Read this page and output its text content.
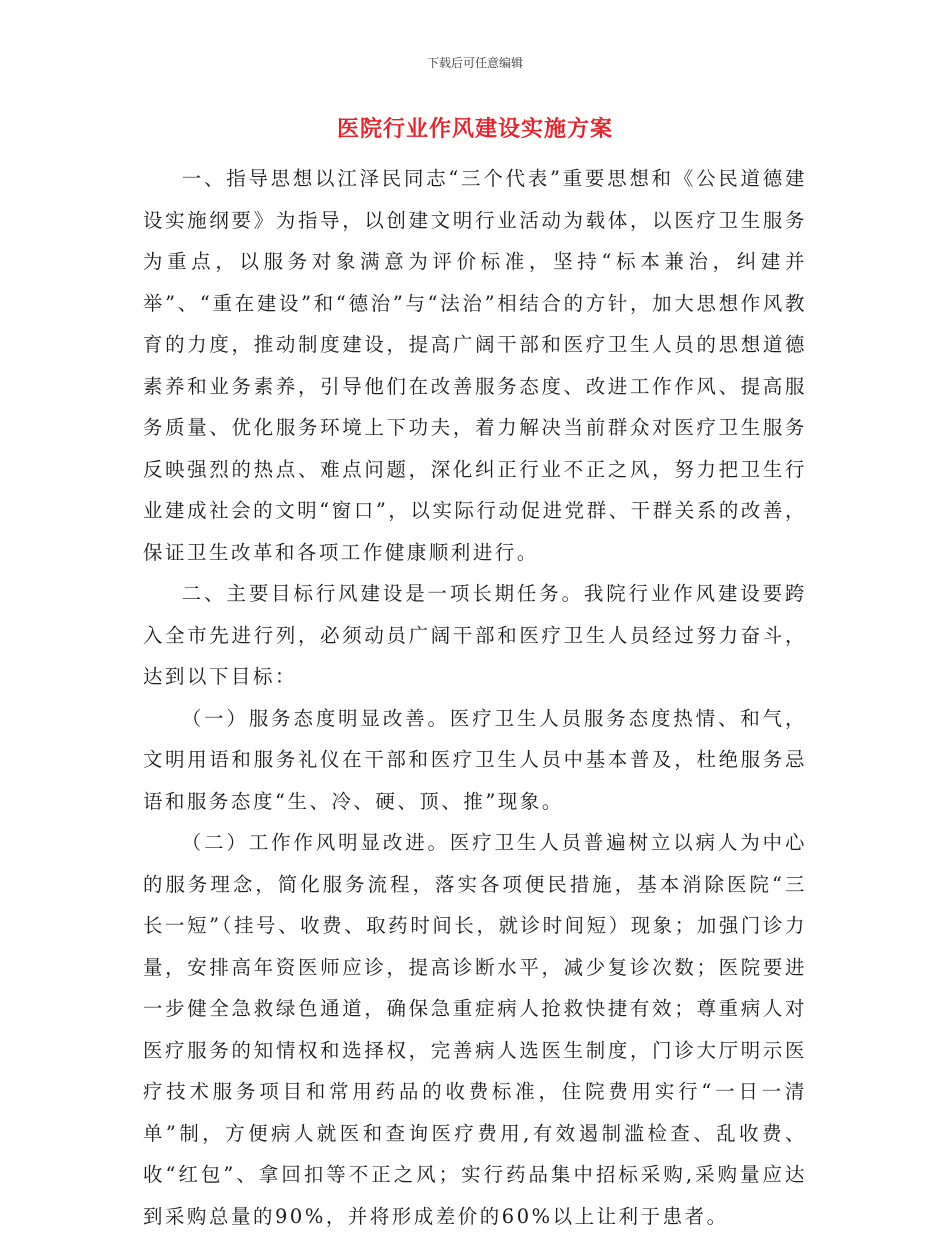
下载后可任意编辑
医院行业作风建设实施方案

一、指导思想以江泽民同志“三个代表”重要思想和《公民道德建设实施纲要》为指导，以创建文明行业活动为载体，以医疗卫生服务为重点，以服务对象满意为评价标准，坚持“标本兼治，纠建并举”、“重在建设”和“德治”与“法治”相结合的方针，加大思想作风教育的力度，推动制度建设，提高广阔干部和医疗卫生人员的思想道德素养和业务素养，引导他们在改善服务态度、改进工作作风、提高服务质量、优化服务环境上下功夫，着力解决当前群众对医疗卫生服务反映强烈的热点、难点问题，深化纠正行业不正之风，努力把卫生行业建成社会的文明“窗口”，以实际行动促进党群、干群关系的改善，保证卫生改革和各项工作健康顺利进行。

二、主要目标行风建设是一项长期任务。我院行业作风建设要跨入全市先进行列，必须动员广阔干部和医疗卫生人员经过努力奋斗，达到以下目标：

（一）服务态度明显改善。医疗卫生人员服务态度热情、和气，文明用语和服务礼仪在干部和医疗卫生人员中基本普及，杜绝服务忌语和服务态度“生、冷、硬、顶、推”现象。

（二）工作作风明显改进。医疗卫生人员普遍树立以病人为中心的服务理念，简化服务流程，落实各项便民措施，基本消除医院“三长一短”（挂号、收费、取药时间长，就诊时间短）现象；加强门诊力量，安排高年资医师应诊，提高诊断水平，减少复诊次数；医院要进一步健全急救绿色通道，确保急重症病人抢救快捷有效；尊重病人对医疗服务的知情权和选择权，完善病人选医生制度，门诊大厅明示医疗技术服务项目和常用药品的收费标准，住院费用实行“一日一清单”制，方便病人就医和查询医疗费用,有效遏制滥检查、乱收费、收“红包”、拿回扣等不正之风；实行药品集中招标采购,采购量应达到采购总量的90%，并将形成差价的60%以上让利于患者。
